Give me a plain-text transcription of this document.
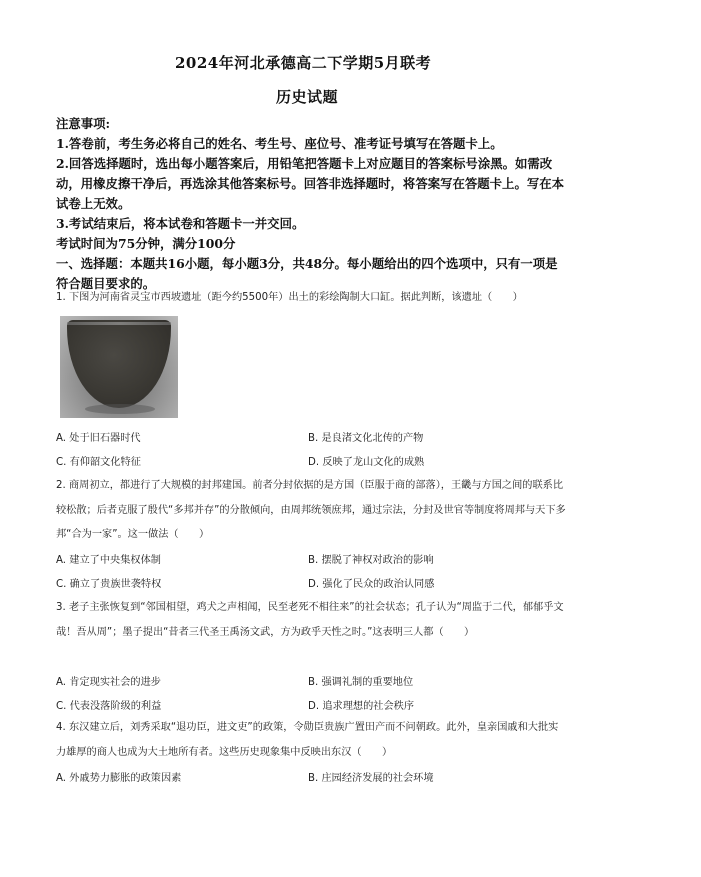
2024年河北承德高二下学期5月联考
历史试题
注意事项:
1.答卷前，考生务必将自己的姓名、考生号、座位号、准考证号填写在答题卡上。
2.回答选择题时，选出每小题答案后，用铅笔把答题卡上对应题目的答案标号涂黑。如需改动，用橡皮擦干净后，再选涂其他答案标号。回答非选择题时，将答案写在答题卡上。写在本试卷上无效。
3.考试结束后，将本试卷和答题卡一并交回。
考试时间为75分钟，满分100分
一、选择题：本题共16小题，每小题3分，共48分。每小题给出的四个选项中，只有一项是符合题目要求的。
1. 下图为河南省灵宝市西坡遗址（距今约5500年）出土的彩绘陶制大口缸。据此判断，该遗址（　　）
A. 处于旧石器时代	B. 是良渚文化北传的产物
C. 有仰韶文化特征	D. 反映了龙山文化的成熟
2. 商周初立，都进行了大规模的封邦建国。前者分封依据的是方国（臣服于商的部落），王畿与方国之间的联系比较松散；后者克服了殷代“多邦并存”的分散倾向，由周邦统领庶邦，通过宗法，分封及世官等制度将周邦与天下多邦“合为一家”。这一做法（　　）
A. 建立了中央集权体制	B. 摆脱了神权对政治的影响
C. 确立了贵族世袭特权	D. 强化了民众的政治认同感
3. 老子主张恢复到“邻国相望，鸡犬之声相闻，民至老死不相往来”的社会状态；孔子认为“周监于二代，郁郁乎文哉！吾从周”；墨子提出“昔者三代圣王禹汤文武，方为政乎天性之时。”这表明三人都（　　）
A. 肯定现实社会的进步	B. 强调礼制的重要地位
C. 代表没落阶级的利益	D. 追求理想的社会秩序
4. 东汉建立后，刘秀采取“退功臣，进文吏”的政策，令勋臣贵族广置田产而不问朝政。此外，皇亲国戚和大批实力雄厚的商人也成为大土地所有者。这些历史现象集中反映出东汉（　　）
A. 外戚势力膨胀的政策因素	B. 庄园经济发展的社会环境
